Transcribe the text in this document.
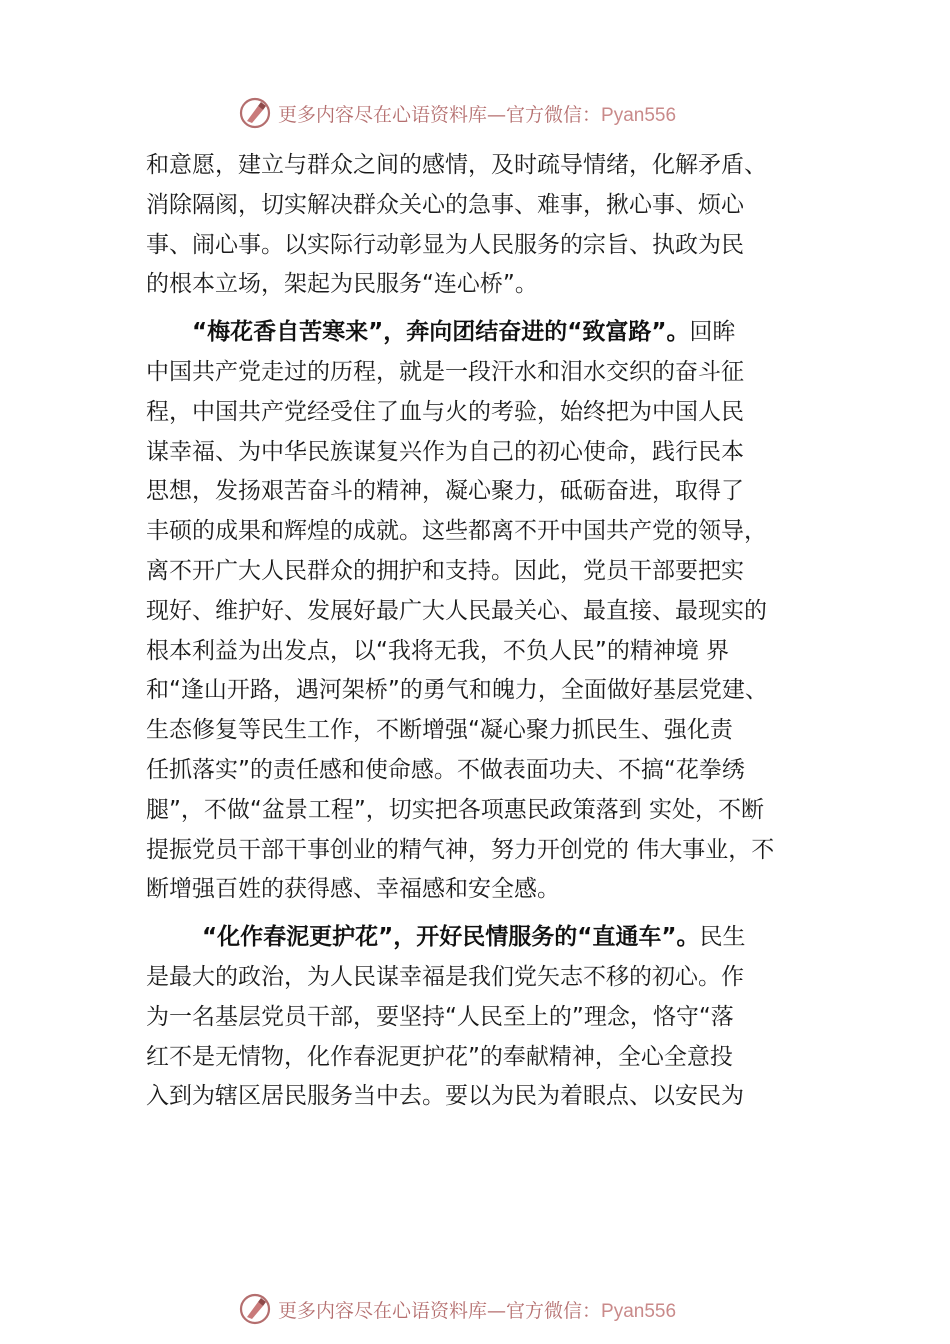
更多内容尽在心语资料库—官方微信：Pyan556
和意愿，建立与群众之间的感情，及时疏导情绪，化解矛盾、
消除隔阂，切实解决群众关心的急事、难事，揪心事、烦心
事、闹心事。以实际行动彰显为人民服务的宗旨、执政为民
的根本立场，架起为民服务“连心桥”。
“梅花香自苦寒来”，奔向团结奋进的“致富路”。回眸
中国共产党走过的历程，就是一段汗水和泪水交织的奋斗征
程，中国共产党经受住了血与火的考验，始终把为中国人民
谋幸福、为中华民族谋复兴作为自己的初心使命，践行民本
思想，发扬艰苦奋斗的精神，凝心聚力，砥砺奋进，取得了
丰硕的成果和辉煌的成就。这些都离不开中国共产党的领导，
离不开广大人民群众的拥护和支持。因此，党员干部要把实
现好、维护好、发展好最广大人民最关心、最直接、最现实的
根本利益为出发点，以“我将无我，不负人民”的精神境 界
和“逢山开路，遇河架桥”的勇气和魄力，全面做好基层党建、
生态修复等民生工作，不断增强“凝心聚力抓民生、强化责
任抓落实”的责任感和使命感。不做表面功夫、不搞“花拳绣
腿”，不做“盆景工程”，切实把各项惠民政策落到 实处，不断
提振党员干部干事创业的精气神，努力开创党的 伟大事业，不
断增强百姓的获得感、幸福感和安全感。
“化作春泥更护花”，开好民情服务的“直通车”。民生
是最大的政治，为人民谋幸福是我们党矢志不移的初心。作
为一名基层党员干部，要坚持“人民至上的”理念，恪守“落
红不是无情物，化作春泥更护花”的奉献精神，全心全意投
入到为辖区居民服务当中去。要以为民为着眼点、以安民为
更多内容尽在心语资料库—官方微信：Pyan556
